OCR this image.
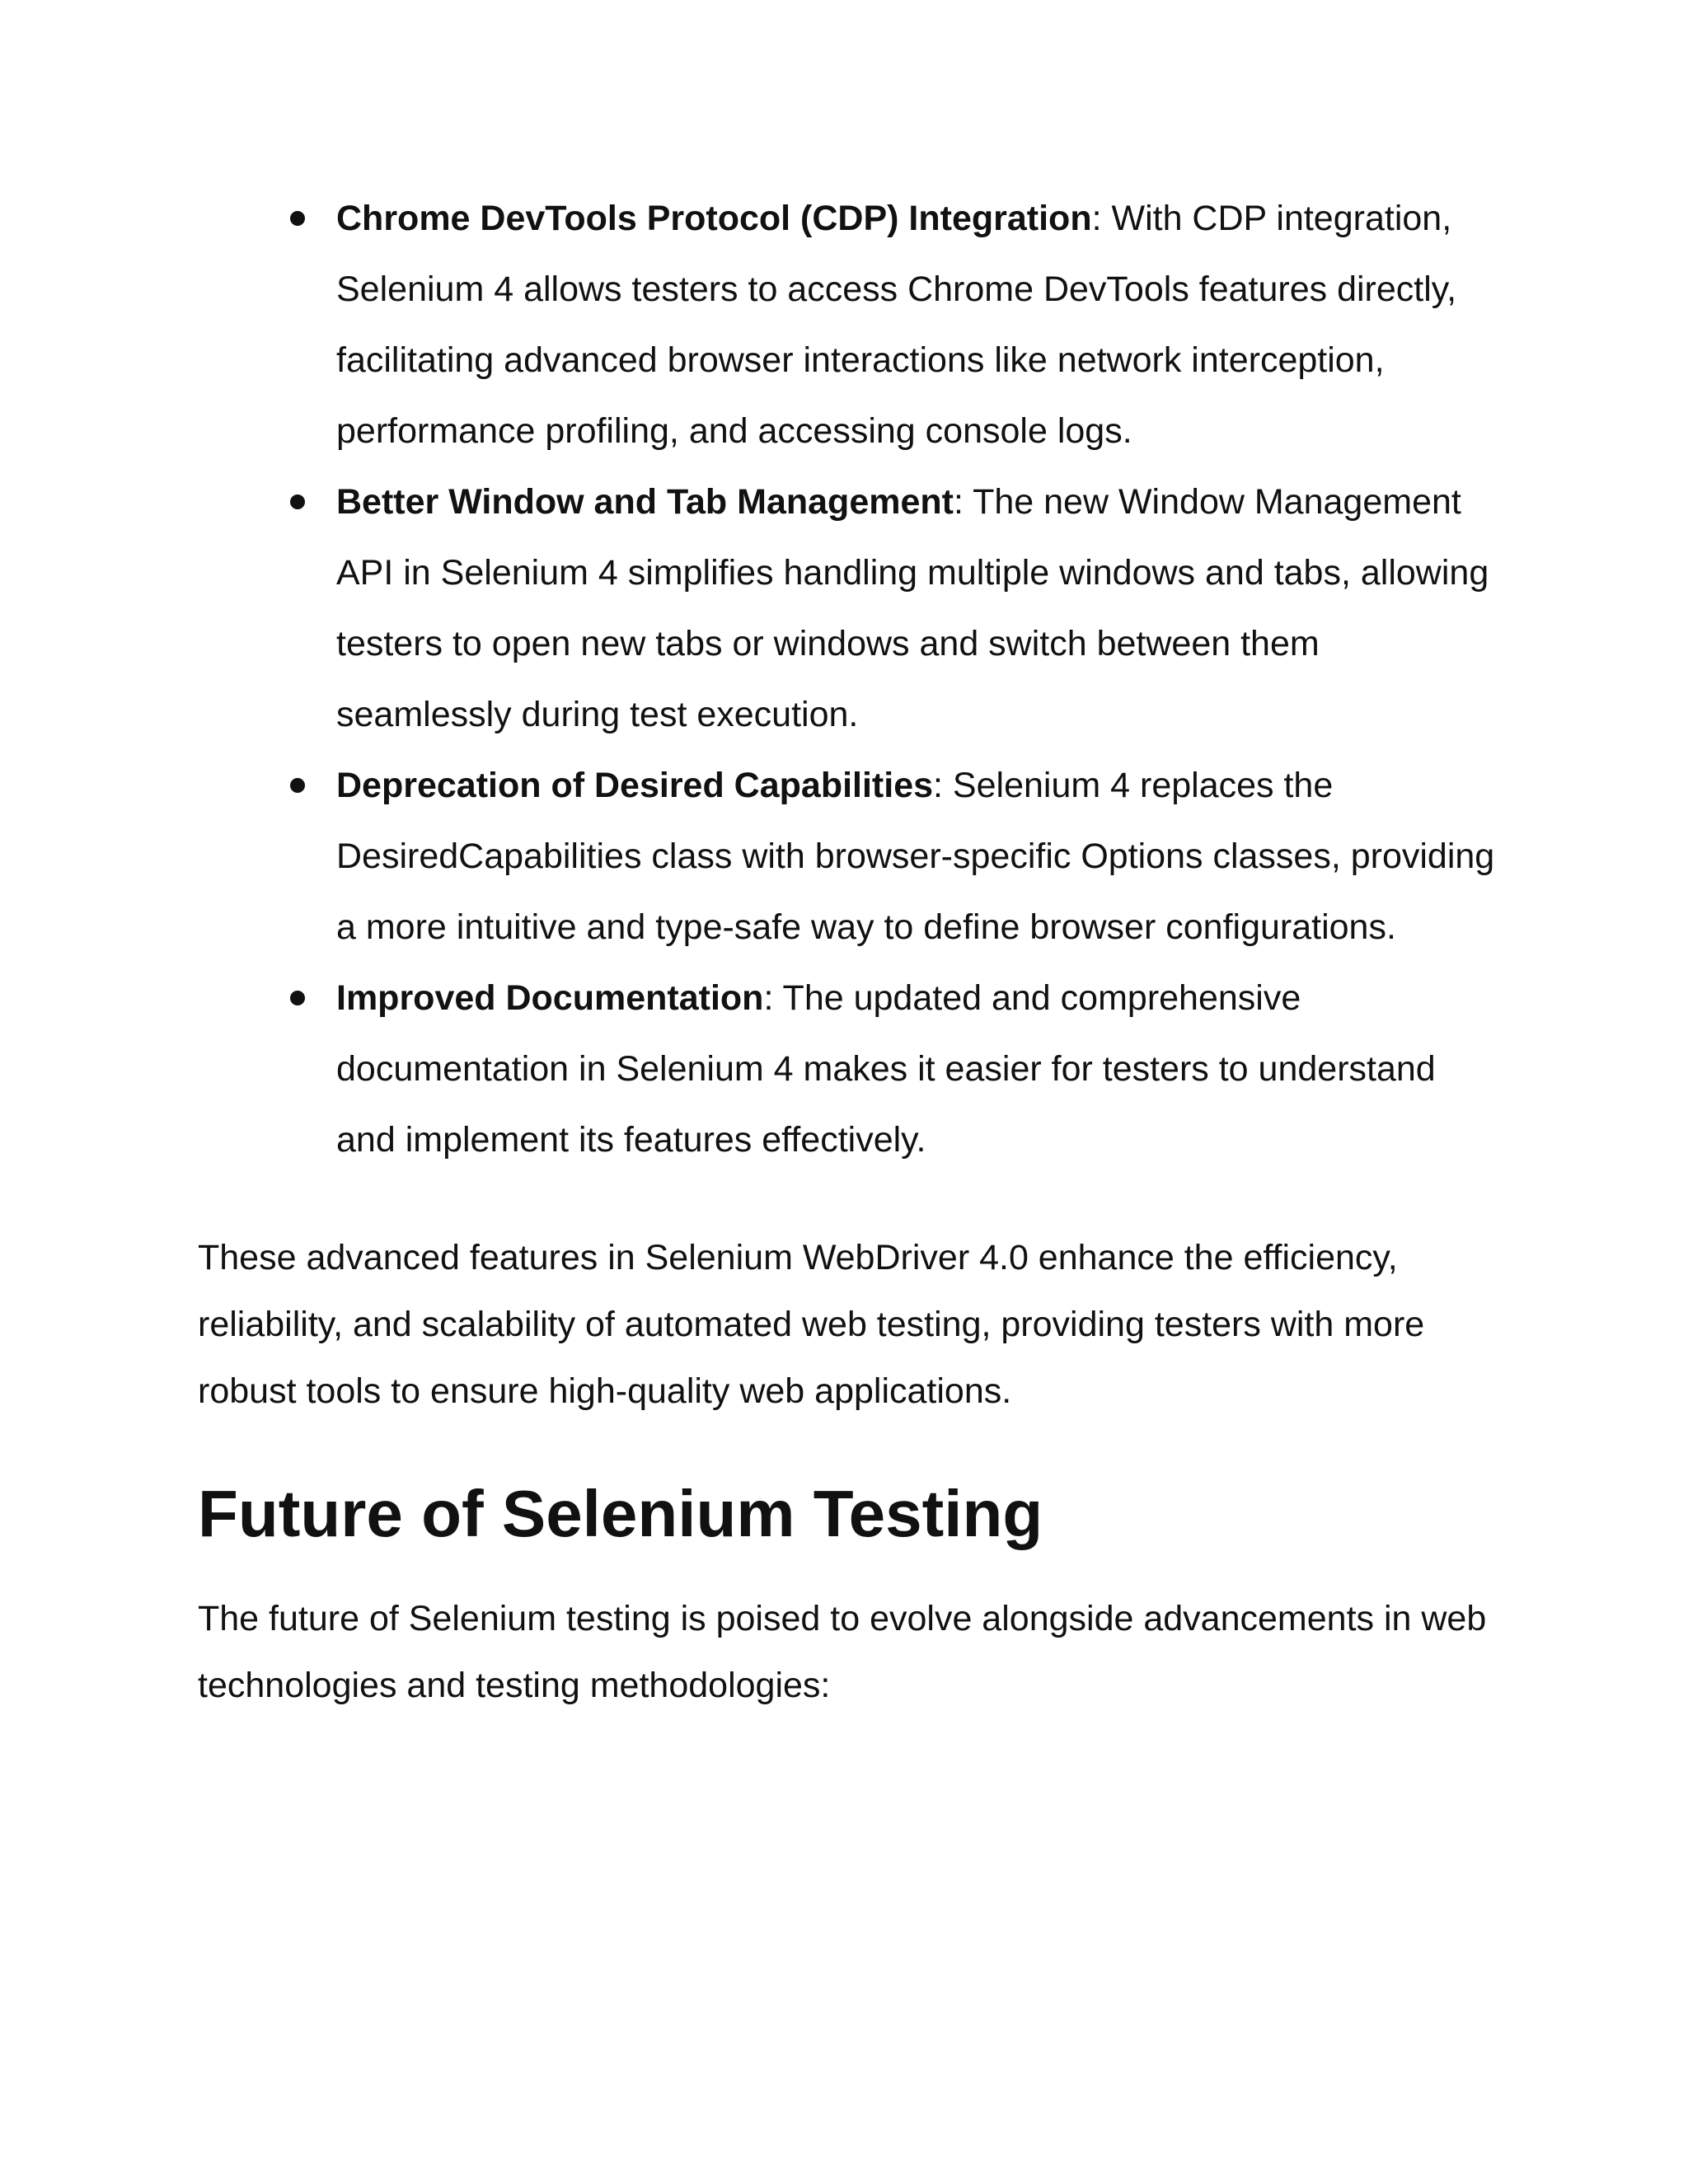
Chrome DevTools Protocol (CDP) Integration: With CDP integration, Selenium 4 allows testers to access Chrome DevTools features directly, facilitating advanced browser interactions like network interception, performance profiling, and accessing console logs.
Better Window and Tab Management: The new Window Management API in Selenium 4 simplifies handling multiple windows and tabs, allowing testers to open new tabs or windows and switch between them seamlessly during test execution.
Deprecation of Desired Capabilities: Selenium 4 replaces the DesiredCapabilities class with browser-specific Options classes, providing a more intuitive and type-safe way to define browser configurations.
Improved Documentation: The updated and comprehensive documentation in Selenium 4 makes it easier for testers to understand and implement its features effectively.

These advanced features in Selenium WebDriver 4.0 enhance the efficiency, reliability, and scalability of automated web testing, providing testers with more robust tools to ensure high-quality web applications.

Future of Selenium Testing

The future of Selenium testing is poised to evolve alongside advancements in web technologies and testing methodologies:
